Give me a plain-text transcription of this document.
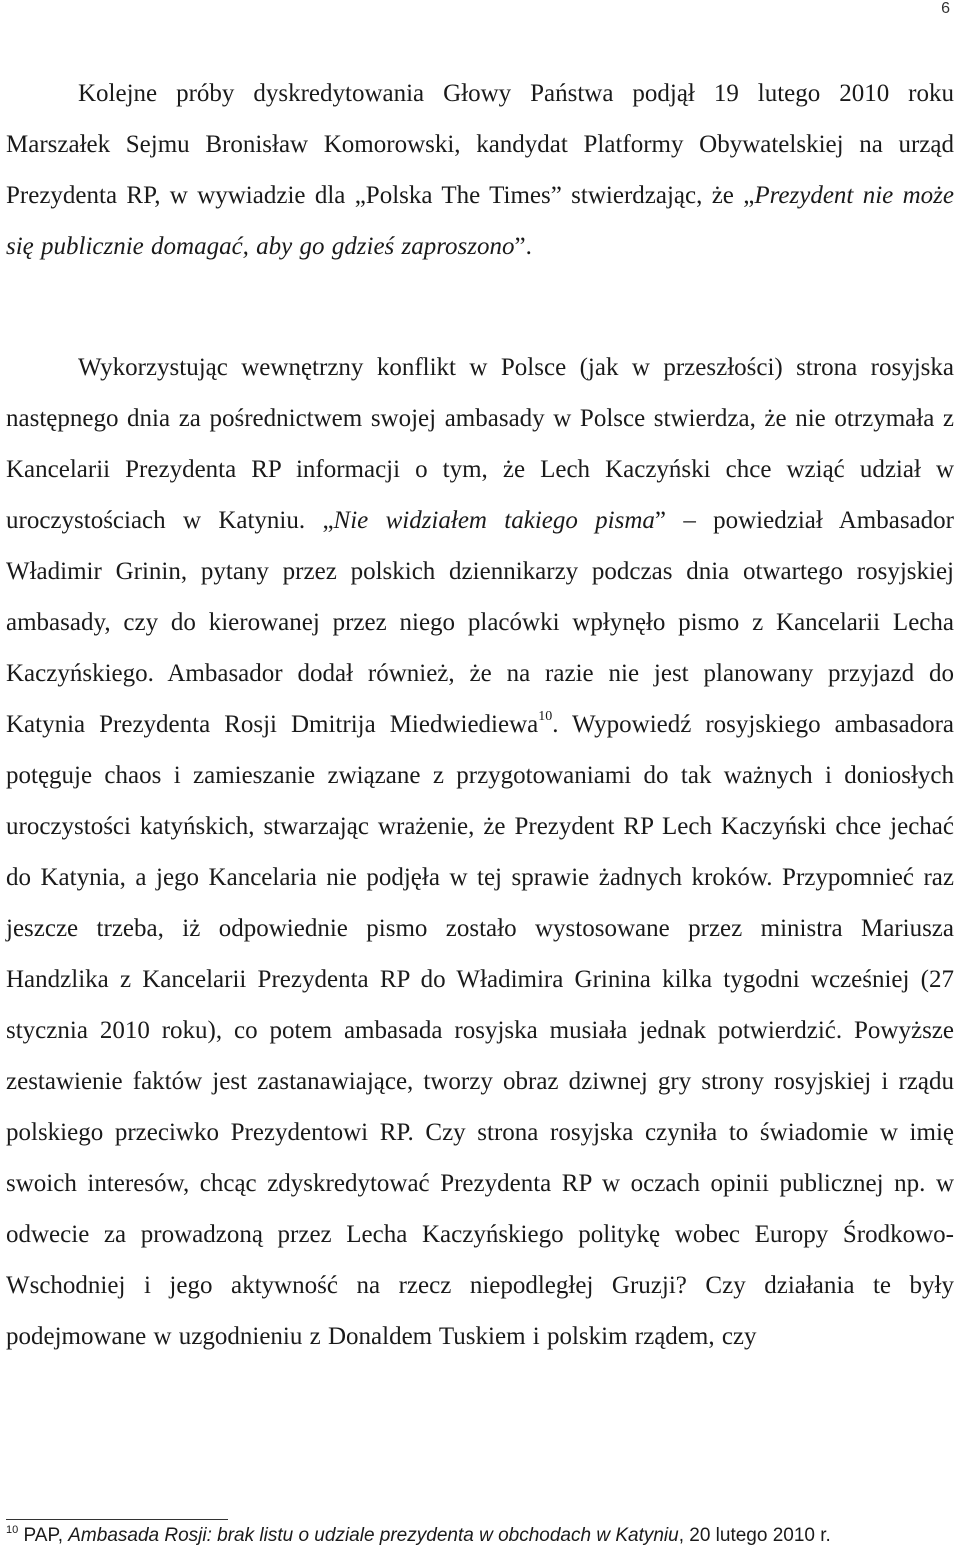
6

Kolejne próby dyskredytowania Głowy Państwa podjął 19 lutego 2010 roku Marszałek Sejmu Bronisław Komorowski, kandydat Platformy Obywatelskiej na urząd Prezydenta RP, w wywiadzie dla „Polska The Times” stwierdzając, że „Prezydent nie może się publicznie domagać, aby go gdzieś zaproszono”.

Wykorzystując wewnętrzny konflikt w Polsce (jak w przeszłości) strona rosyjska następnego dnia za pośrednictwem swojej ambasady w Polsce stwierdza, że nie otrzymała z Kancelarii Prezydenta RP informacji o tym, że Lech Kaczyński chce wziąć udział w uroczystościach w Katyniu. „Nie widziałem takiego pisma” – powiedział Ambasador Władimir Grinin, pytany przez polskich dziennikarzy podczas dnia otwartego rosyjskiej ambasady, czy do kierowanej przez niego placówki wpłynęło pismo z Kancelarii Lecha Kaczyńskiego. Ambasador dodał również, że na razie nie jest planowany przyjazd do Katynia Prezydenta Rosji Dmitrija Miedwiediewa$^{10}$. Wypowiedź rosyjskiego ambasadora potęguje chaos i zamieszanie związane z przygotowaniami do tak ważnych i doniosłych uroczystości katyńskich, stwarzając wrażenie, że Prezydent RP Lech Kaczyński chce jechać do Katynia, a jego Kancelaria nie podjęła w tej sprawie żadnych kroków. Przypomnieć raz jeszcze trzeba, iż odpowiednie pismo zostało wystosowane przez ministra Mariusza Handzlika z Kancelarii Prezydenta RP do Władimira Grinina kilka tygodni wcześniej (27 stycznia 2010 roku), co potem ambasada rosyjska musiała jednak potwierdzić. Powyższe zestawienie faktów jest zastanawiające, tworzy obraz dziwnej gry strony rosyjskiej i rządu polskiego przeciwko Prezydentowi RP. Czy strona rosyjska czyniła to świadomie w imię swoich interesów, chcąc zdyskredytować Prezydenta RP w oczach opinii publicznej np. w odwecie za prowadzoną przez Lecha Kaczyńskiego politykę wobec Europy Środkowo-Wschodniej i jego aktywność na rzecz niepodległej Gruzji? Czy działania te były podejmowane w uzgodnieniu z Donaldem Tuskiem i polskim rządem, czy

$^{10}$ PAP, Ambasada Rosji: brak listu o udziale prezydenta w obchodach w Katyniu, 20 lutego 2010 r.
